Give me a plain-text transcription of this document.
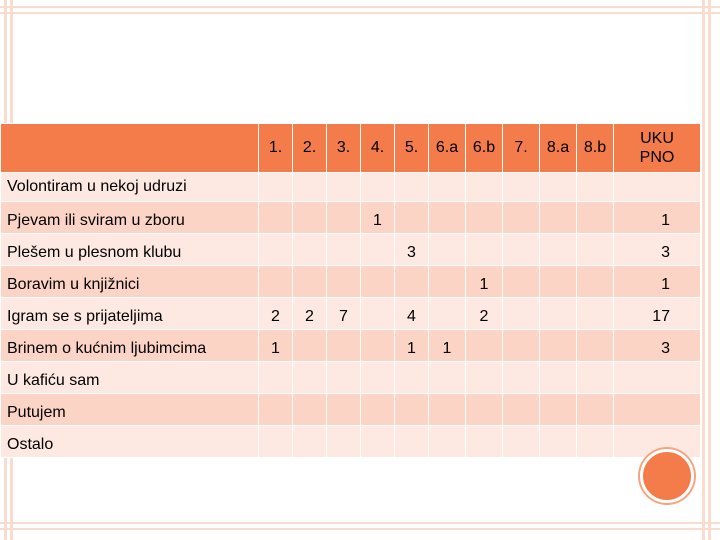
	1.	2.	3.	4.	5.	6.a	6.b	7.	8.a	8.b	UKU
PNO

Volontiram u nekoj udruzi											
Pjevam ili sviram u zboru				1							1
Plešem u plesnom klubu					3						3
Boravim u knjižnici							1				1
Igram se s prijateljima	2	2	7		4		2				17
Brinem o kućnim ljubimcima	1				1	1					3
U kafiću sam											
Putujem											
Ostalo											
